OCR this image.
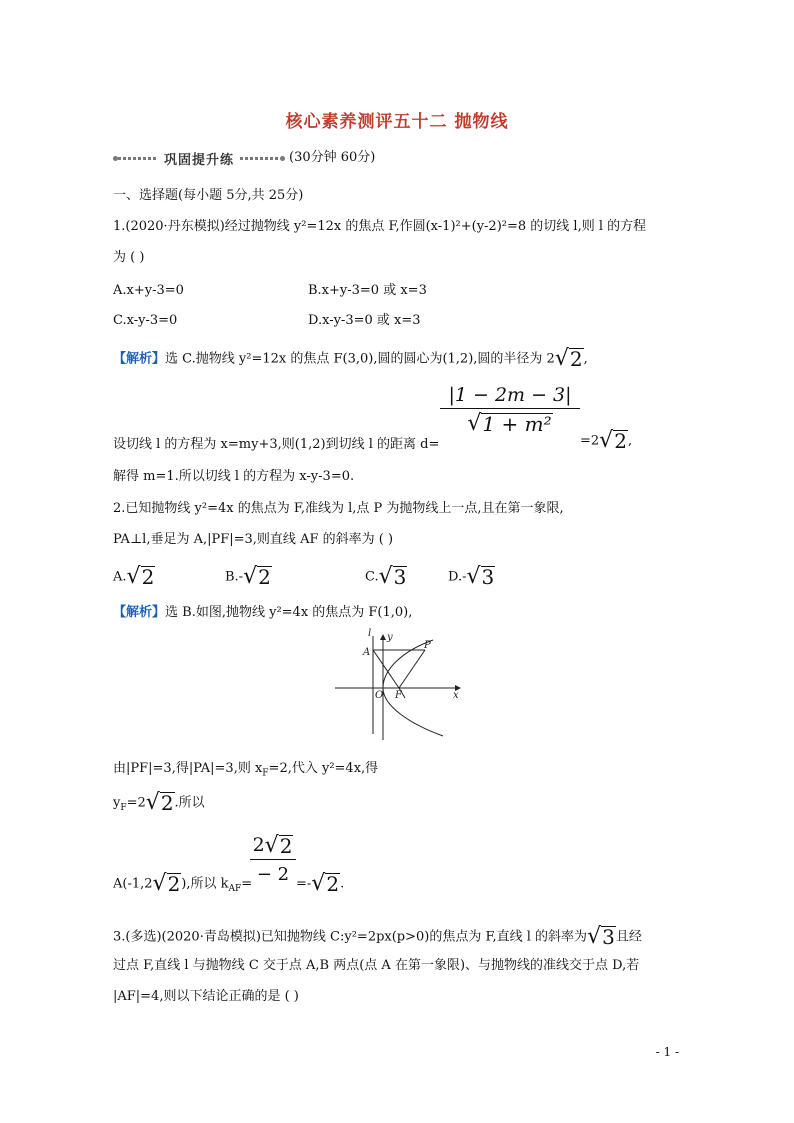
核心素养测评五十二 抛物线
巩固提升练	(30分钟 60分)
一、选择题(每小题 5分,共 25分)
1.(2020·丹东模拟)经过抛物线 y²=12x 的焦点 F,作圆(x-1)²+(y-2)²=8 的切线 l,则 l 的方程
为 ( )
A.x+y-3=0	B.x+y-3=0 或 x=3
C.x-y-3=0	D.x-y-3=0 或 x=3
【解析】选 C.抛物线 y²=12x 的焦点 F(3,0),圆的圆心为(1,2),圆的半径为 2 √ 2 ,
$\frac{|1 - 2m - 3|}{\text{√ 1 + m²}}$
设切线 l 的方程为 x=my+3,则(1,2)到切线 l 的距离 d=	=2 √ 2 ,
解得 m=1.所以切线 l 的方程为 x-y-3=0.
2.已知抛物线 y²=4x 的焦点为 F,准线为 l,点 P 为抛物线上一点,且在第一象限,
PA⊥l,垂足为 A,|PF|=3,则直线 AF 的斜率为 ( )
A. √ 2	B.- √ 2	C. √ 3	D.- √ 3
【解析】选 B.如图,抛物线 y²=4x 的焦点为 F(1,0),
l y
A
P
O F	x
由|PF|=3,得|PA|=3,则 $x_F=2$,代入 y²=4x,得
$y_F=2$ √ 2 .所以
$\frac{2 √ 2}{- 2}$
A(-1,2 √ 2 ),所以 $k_{AF}=$	=- √ 2 .
3.(多选)(2020·青岛模拟)已知抛物线 C:y²=2px(p>0)的焦点为 F,直线 l 的斜率为 √ 3 且经
过点 F,直线 l 与抛物线 C 交于点 A,B 两点(点 A 在第一象限)、与抛物线的准线交于点 D,若
|AF|=4,则以下结论正确的是 ( )
- 1 -
